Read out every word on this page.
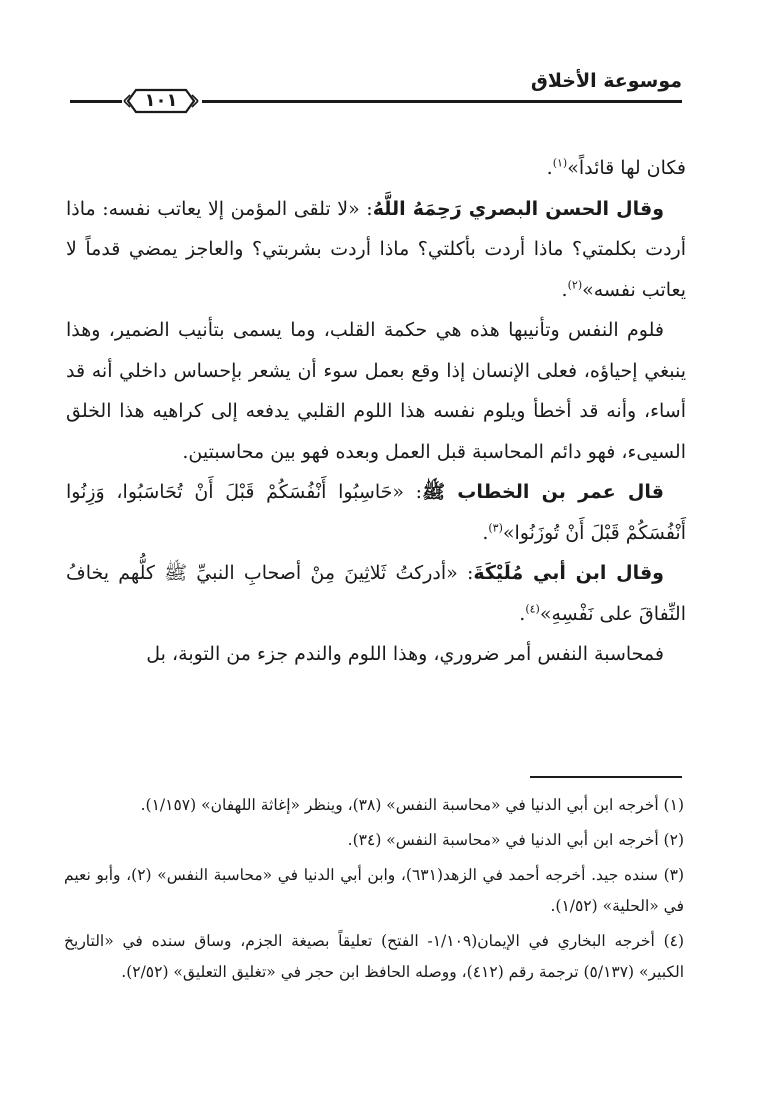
موسوعة الأخلاق
١٠١

فكان لها قائداً»$^{(١)}$.

وقال الحسن البصري رَحِمَهُ اللَّهُ: «لا تلقى المؤمن إلا يعاتب نفسه: ماذا أردت بكلمتي؟ ماذا أردت بأكلتي؟ ماذا أردت بشربتي؟ والعاجز يمضي قدماً لا يعاتب نفسه»$^{(٢)}$.

فلوم النفس وتأنيبها هذه هي حكمة القلب، وما يسمى بتأنيب الضمير، وهذا ينبغي إحياؤه، فعلى الإنسان إذا وقع بعمل سوء أن يشعر بإحساس داخلي أنه قد أساء، وأنه قد أخطأ ويلوم نفسه هذا اللوم القلبي يدفعه إلى كراهيه هذا الخلق السيىء، فهو دائم المحاسبة قبل العمل وبعده فهو بين محاسبتين.

قال عمر بن الخطاب ﷺ: «حَاسِبُوا أَنْفُسَكُمْ قَبْلَ أَنْ تُحَاسَبُوا، وَزِنُوا أَنْفُسَكُمْ قَبْلَ أَنْ تُوزَنُوا»$^{(٣)}$.

وقال ابن أبي مُلَيْكَةَ: «أدركتُ ثَلاثِينَ مِنْ أصحابِ النبيِّ ﷺ كلُّهم يخافُ النِّفاقَ على نَفْسِهِ»$^{(٤)}$.

فمحاسبة النفس أمر ضروري، وهذا اللوم والندم جزء من التوبة، بل

(١) أخرجه ابن أبي الدنيا في «محاسبة النفس» (٣٨)، وينظر «إغاثة اللهفان» (١/١٥٧).

(٢) أخرجه ابن أبي الدنيا في «محاسبة النفس» (٣٤).

(٣) سنده جيد. أخرجه أحمد في الزهد(٦٣١)، وابن أبي الدنيا في «محاسبة النفس» (٢)، وأبو نعيم في «الحلية» (١/٥٢).

(٤) أخرجه البخاري في الإيمان(١/١٠٩- الفتح) تعليقاً بصيغة الجزم، وساق سنده في «التاريخ الكبير» (٥/١٣٧) ترجمة رقم (٤١٢)، ووصله الحافظ ابن حجر في «تغليق التعليق» (٢/٥٢).
